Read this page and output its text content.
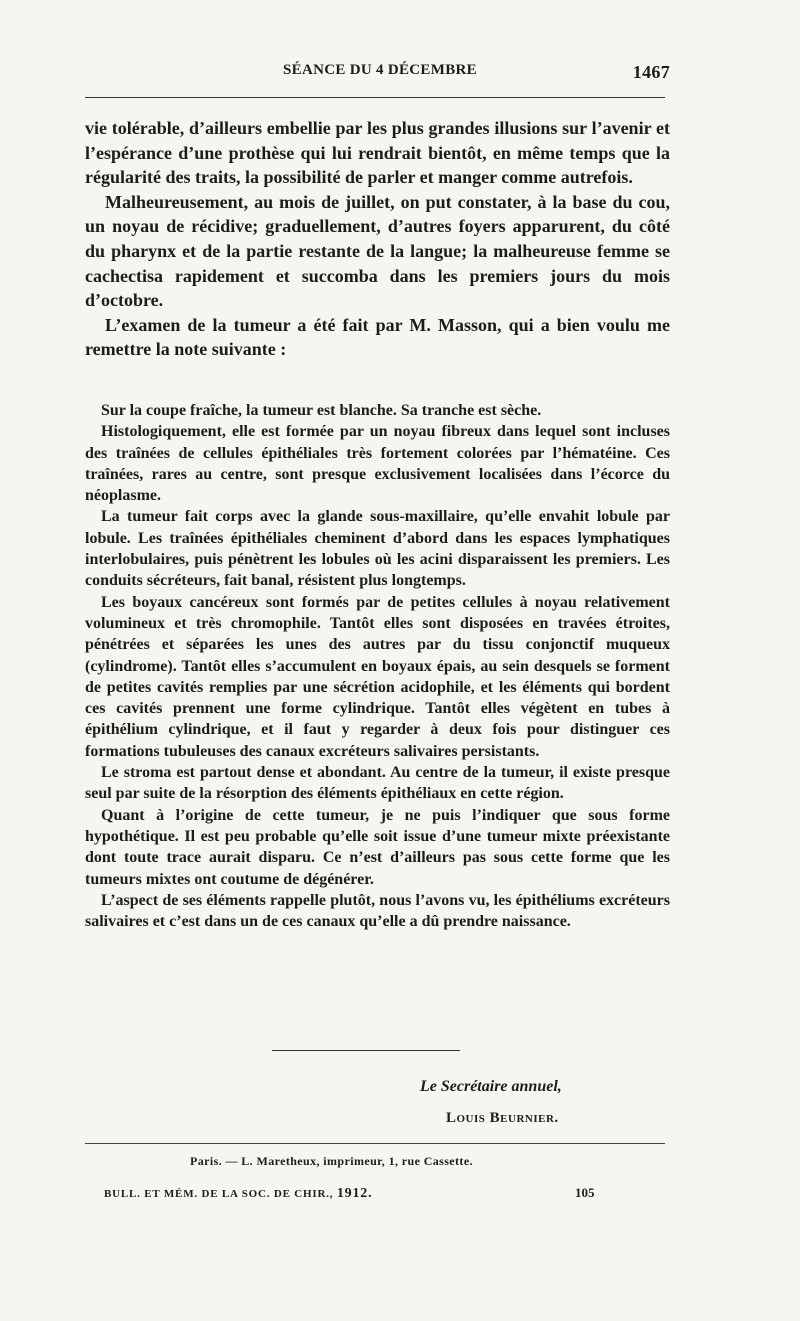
SÉANCE DU 4 DÉCEMBRE	1467

vie tolérable, d’ailleurs embellie par les plus grandes illusions sur l’avenir et l’espérance d’une prothèse qui lui rendrait bientôt, en même temps que la régularité des traits, la possibilité de parler et manger comme autrefois.

Malheureusement, au mois de juillet, on put constater, à la base du cou, un noyau de récidive; graduellement, d’autres foyers apparurent, du côté du pharynx et de la partie restante de la langue; la malheureuse femme se cachectisa rapidement et succomba dans les premiers jours du mois d’octobre.

L’examen de la tumeur a été fait par M. Masson, qui a bien voulu me remettre la note suivante :

Sur la coupe fraîche, la tumeur est blanche. Sa tranche est sèche.

Histologiquement, elle est formée par un noyau fibreux dans lequel sont incluses des traînées de cellules épithéliales très fortement colorées par l’hématéine. Ces traînées, rares au centre, sont presque exclusivement localisées dans l’écorce du néoplasme.

La tumeur fait corps avec la glande sous-maxillaire, qu’elle envahit lobule par lobule. Les traînées épithéliales cheminent d’abord dans les espaces lymphatiques interlobulaires, puis pénètrent les lobules où les acini disparaissent les premiers. Les conduits sécréteurs, fait banal, résistent plus longtemps.

Les boyaux cancéreux sont formés par de petites cellules à noyau relativement volumineux et très chromophile. Tantôt elles sont disposées en travées étroites, pénétrées et séparées les unes des autres par du tissu conjonctif muqueux (cylindrome). Tantôt elles s’accumulent en boyaux épais, au sein desquels se forment de petites cavités remplies par une sécrétion acidophile, et les éléments qui bordent ces cavités prennent une forme cylindrique. Tantôt elles végètent en tubes à épithélium cylindrique, et il faut y regarder à deux fois pour distinguer ces formations tubuleuses des canaux excréteurs salivaires persistants.

Le stroma est partout dense et abondant. Au centre de la tumeur, il existe presque seul par suite de la résorption des éléments épithéliaux en cette région.

Quant à l’origine de cette tumeur, je ne puis l’indiquer que sous forme hypothétique. Il est peu probable qu’elle soit issue d’une tumeur mixte préexistante dont toute trace aurait disparu. Ce n’est d’ailleurs pas sous cette forme que les tumeurs mixtes ont coutume de dégénérer.

L’aspect de ses éléments rappelle plutôt, nous l’avons vu, les épithéliums excréteurs salivaires et c’est dans un de ces canaux qu’elle a dû prendre naissance.

Le Secrétaire annuel,
Louis Beurnier.
Paris. — L. Maretheux, imprimeur, 1, rue Cassette.
BULL. ET MÉM. DE LA SOC. DE CHIR., 1912.	105
